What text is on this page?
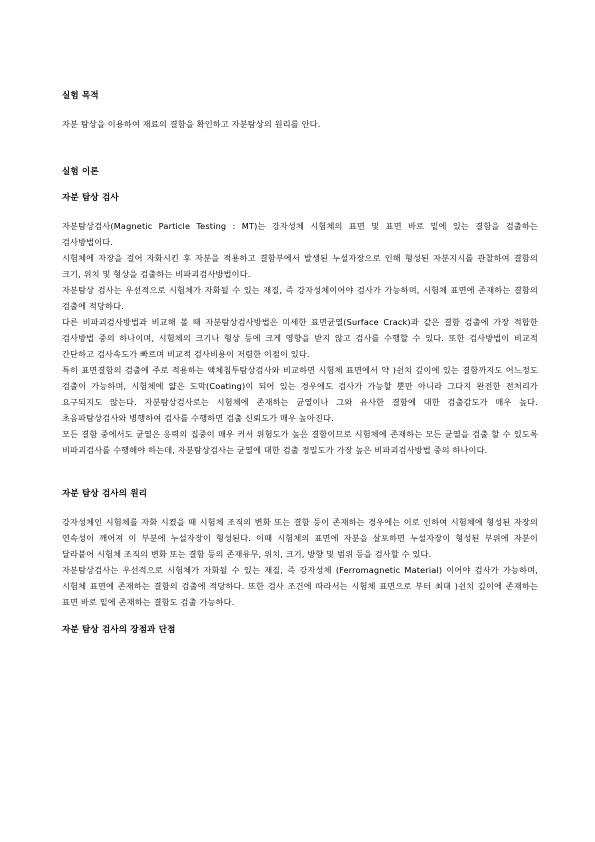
실험 목적

자분 탐상을 이용하여 재료의 결함을 확인하고 자분탐상의 원리를 안다.

실험 이론

자분 탐상 검사

자분탐상검사(Magnetic Particle Testing : MT)는 강자성체 시험체의 표면 및 표면 바로 밑에 있는 결함을 검출하는 검사방법이다.

시험체에 자장을 걸어 자화시킨 후 자분을 적용하고 결함부에서 발생된 누설자장으로 인해 형성된 자분지시를 관찰하여 결함의 크기, 위치 및 형상을 검출하는 비파괴검사방법이다.

자분탐상 검사는 우선적으로 시험체가 자화될 수 있는 재질, 즉 강자성체이어야 검사가 가능하며, 시험체 표면에 존재하는 결함의 검출에 적당하다.

다른 비파괴검사방법과 비교해 볼 때 자분탐상검사방법은 미세한 표면균열(Surface Crack)과 같은 결함 검출에 가장 적합한 검사방법 중의 하나이며, 시험체의 크기나 형상 등에 크게 영향을 받지 않고 검사를 수행할 수 있다. 또한 검사방법이 비교적 간단하고 검사속도가 빠르며 비교적 검사비용이 저렴한 이점이 있다.

특히 표면결함의 검출에 주로 적용하는 액체침투탐상검사와 비교하면 시험체 표면에서 약 )쉰치 깊이에 있는 결함까지도 어느정도 검출이 가능하며, 시험체에 얇은 도막(Coating)이 되어 있는 경우에도 검사가 가능할 뿐만 아니라 그다지 완전한 전처리가 요구되지도 않는다. 자분탐상검사로는 시험체에 존재하는 균열이나 그와 유사한 결함에 대한 검출감도가 매우 높다. 초음파탐상검사와 병행하여 검사를 수행하면 검출 신뢰도가 매우 높아진다.

모든 결함 중에서도 균열은 응력의 집중이 매우 커서 위험도가 높은 결함이므로 시험체에 존재하는 모든 균열을 검출 할 수 있도록 비파괴검사를 수행해야 하는데, 자분탐상검사는 균열에 대한 검출 정밀도가 가장 높은 비파괴검사방법 중의 하나이다.

자분 탐상 검사의 원리

강자성체인 시험체를 자화 시켰을 때 시험체 조직의 변화 또는 결함 등이 존재하는 경우에는 이로 인하여 시험체에 형성된 자장의 연속성이 깨어져 이 부분에 누설자장이 형성된다. 이때 시험체의 표면에 자분을 살포하면 누설자장이 형성된 부위에 자분이 달라붙어 시험체 조직의 변화 또는 결함 등의 존재유무, 위치, 크기, 방향 및 범위 등을 검사할 수 있다.

자분탐상검사는 우선적으로 시험체가 자화될 수 있는 재질, 즉 강자성체 (Ferromagnetic Material) 이어야 검사가 가능하며, 시험체 표면에 존재하는 결함의 검출에 적당하다. 또한 검사 조건에 따라서는 시험체 표면으로 부터 최대 )쉰치 깊이에 존재하는 표면 바로 밑에 존재하는 결함도 검출 가능하다.

자분 탐상 검사의 장점과 단점
